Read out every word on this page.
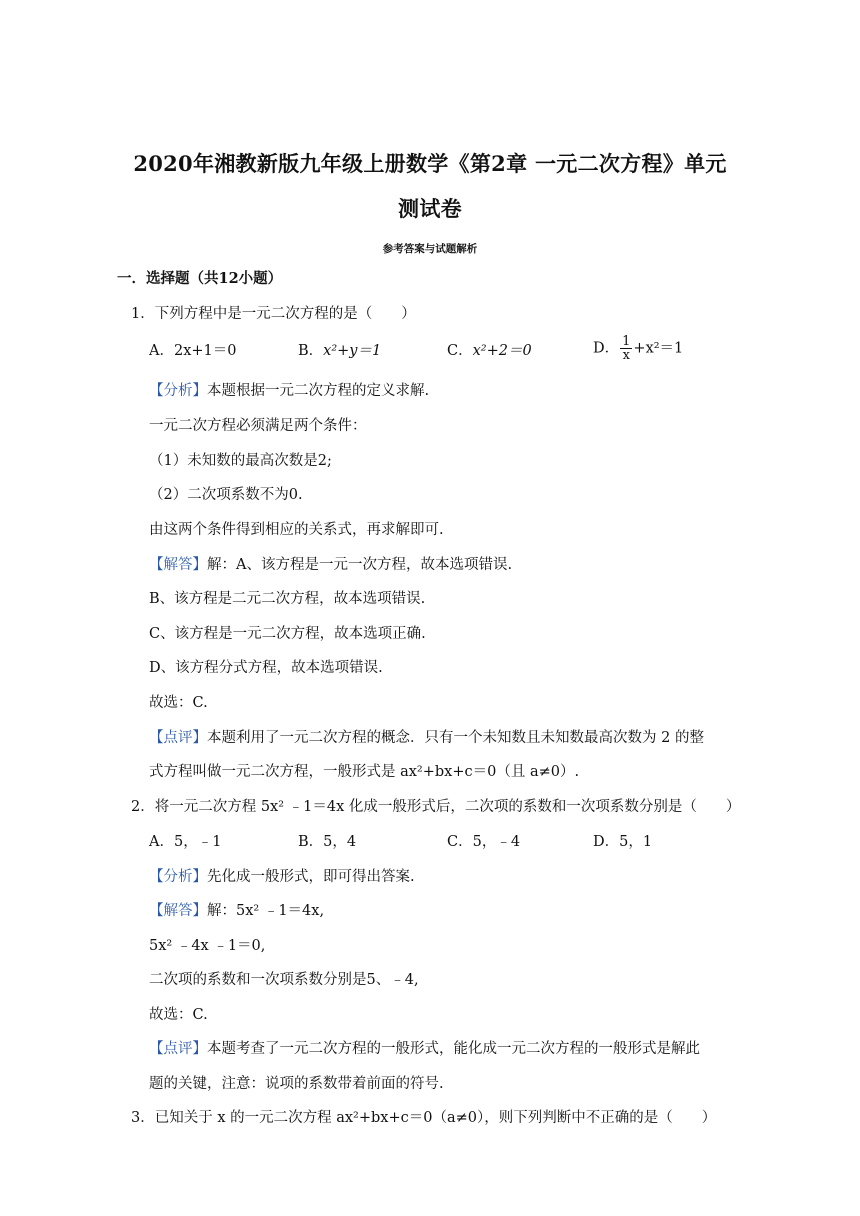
2020年湘教新版九年级上册数学《第2章 一元二次方程》单元
测试卷
参考答案与试题解析
一．选择题（共12小题）
1．下列方程中是一元二次方程的是（　　）
A．2x+1＝0	B．x²+y＝1	C．x²+2＝0	D． $\frac{1}{x} +x^2=1$
【分析】本题根据一元二次方程的定义求解.
一元二次方程必须满足两个条件：
（1）未知数的最高次数是2;
（2）二次项系数不为0.
由这两个条件得到相应的关系式，再求解即可.
【解答】解：A、该方程是一元一次方程，故本选项错误.
B、该方程是二元二次方程，故本选项错误.
C、该方程是一元二次方程，故本选项正确.
D、该方程分式方程，故本选项错误.
故选：C.
【点评】本题利用了一元二次方程的概念．只有一个未知数且未知数最高次数为 2 的整
式方程叫做一元二次方程，一般形式是 ax²+bx+c＝0（且 a≠0）.
2．将一元二次方程 5x² ﹣1＝4x 化成一般形式后，二次项的系数和一次项系数分别是（　　）
A．5，﹣1	B．5，4	C．5，﹣4	D．5，1
【分析】先化成一般形式，即可得出答案.
【解答】解：5x² ﹣1＝4x,
5x² ﹣4x ﹣1＝0,
二次项的系数和一次项系数分别是5、﹣4,
故选：C.
【点评】本题考查了一元二次方程的一般形式，能化成一元二次方程的一般形式是解此
题的关键，注意：说项的系数带着前面的符号.
3．已知关于 x 的一元二次方程 ax²+bx+c＝0（a≠0），则下列判断中不正确的是（　　）
